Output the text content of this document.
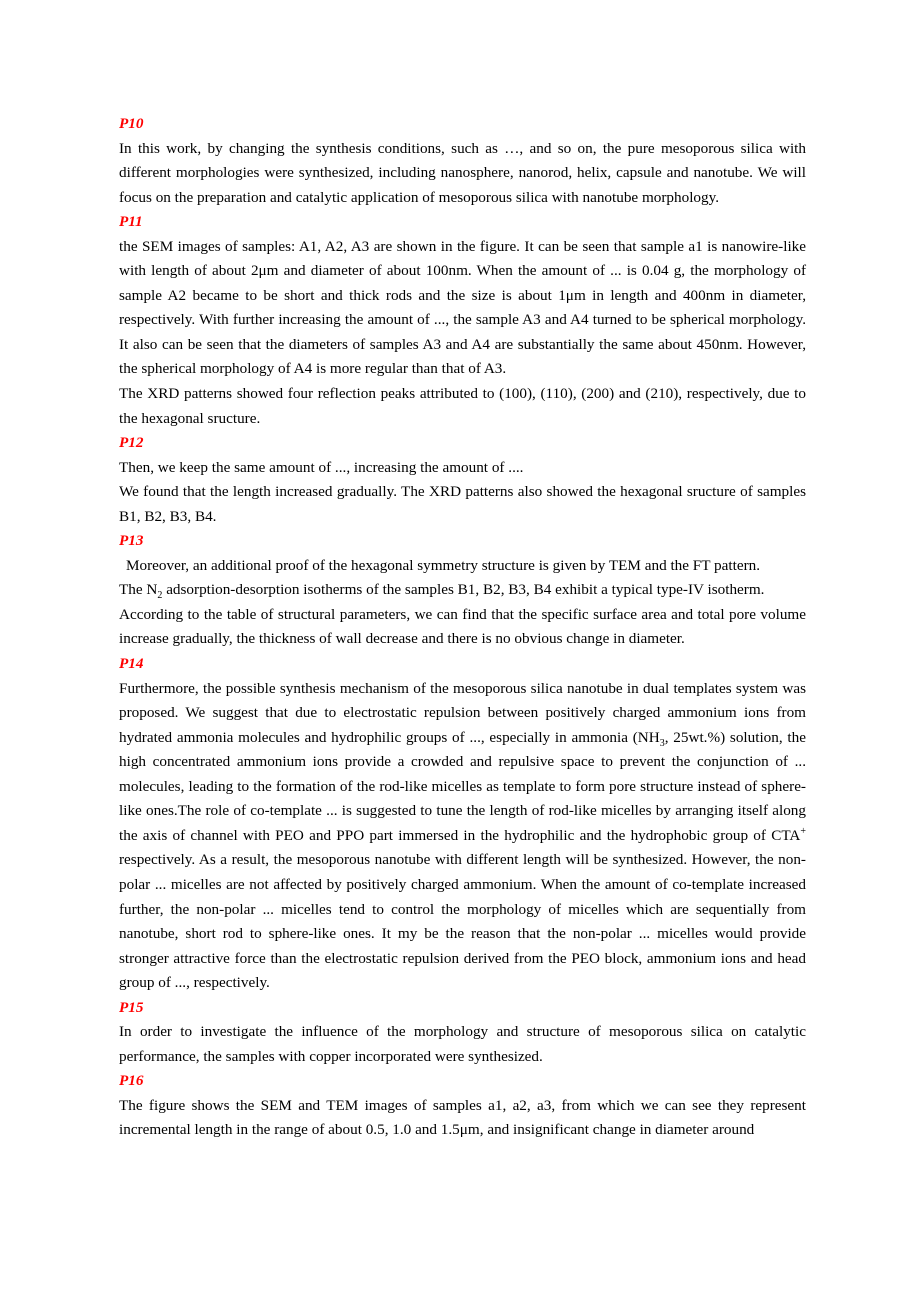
P10

In this work, by changing the synthesis conditions, such as …, and so on, the pure mesoporous silica with different morphologies were synthesized, including nanosphere, nanorod, helix, capsule and nanotube. We will focus on the preparation and catalytic application of mesoporous silica with nanotube morphology.

P11

the SEM images of samples: A1, A2, A3 are shown in the figure. It can be seen that sample a1 is nanowire-like with length of about 2μm and diameter of about 100nm. When the amount of ... is 0.04 g, the morphology of sample A2 became to be short and thick rods and the size is about 1μm in length and 400nm in diameter, respectively. With further increasing the amount of ..., the sample A3 and A4 turned to be spherical morphology. It also can be seen that the diameters of samples A3 and A4 are substantially the same about 450nm. However, the spherical morphology of A4 is more regular than that of A3.

The XRD patterns showed four reflection peaks attributed to (100), (110), (200) and (210), respectively, due to the hexagonal sructure.

P12

Then, we keep the same amount of ..., increasing the amount of ....

We found that the length increased gradually. The XRD patterns also showed the hexagonal sructure of samples B1, B2, B3, B4.

P13

Moreover, an additional proof of the hexagonal symmetry structure is given by TEM and the FT pattern.

The $N_2$ adsorption-desorption isotherms of the samples B1, B2, B3, B4 exhibit a typical type-IV isotherm.

According to the table of structural parameters, we can find that the specific surface area and total pore volume increase gradually, the thickness of wall decrease and there is no obvious change in diameter.

P14

Furthermore, the possible synthesis mechanism of the mesoporous silica nanotube in dual templates system was proposed. We suggest that due to electrostatic repulsion between positively charged ammonium ions from hydrated ammonia molecules and hydrophilic groups of ..., especially in ammonia ($NH_3$, 25wt.%) solution, the high concentrated ammonium ions provide a crowded and repulsive space to prevent the conjunction of ... molecules, leading to the formation of the rod-like micelles as template to form pore structure instead of sphere-like ones.The role of co-template ... is suggested to tune the length of rod-like micelles by arranging itself along the axis of channel with PEO and PPO part immersed in the hydrophilic and the hydrophobic group of CTA+ respectively. As a result, the mesoporous nanotube with different length will be synthesized. However, the non-polar ... micelles are not affected by positively charged ammonium. When the amount of co-template increased further, the non-polar ... micelles tend to control the morphology of micelles which are sequentially from nanotube, short rod to sphere-like ones. It my be the reason that the non-polar ... micelles would provide stronger attractive force than the electrostatic repulsion derived from the PEO block, ammonium ions and head group of ..., respectively.

P15

In order to investigate the influence of the morphology and structure of mesoporous silica on catalytic performance, the samples with copper incorporated were synthesized.

P16

The figure shows the SEM and TEM images of samples a1, a2, a3, from which we can see they represent incremental length in the range of about 0.5, 1.0 and 1.5μm, and insignificant change in diameter around
